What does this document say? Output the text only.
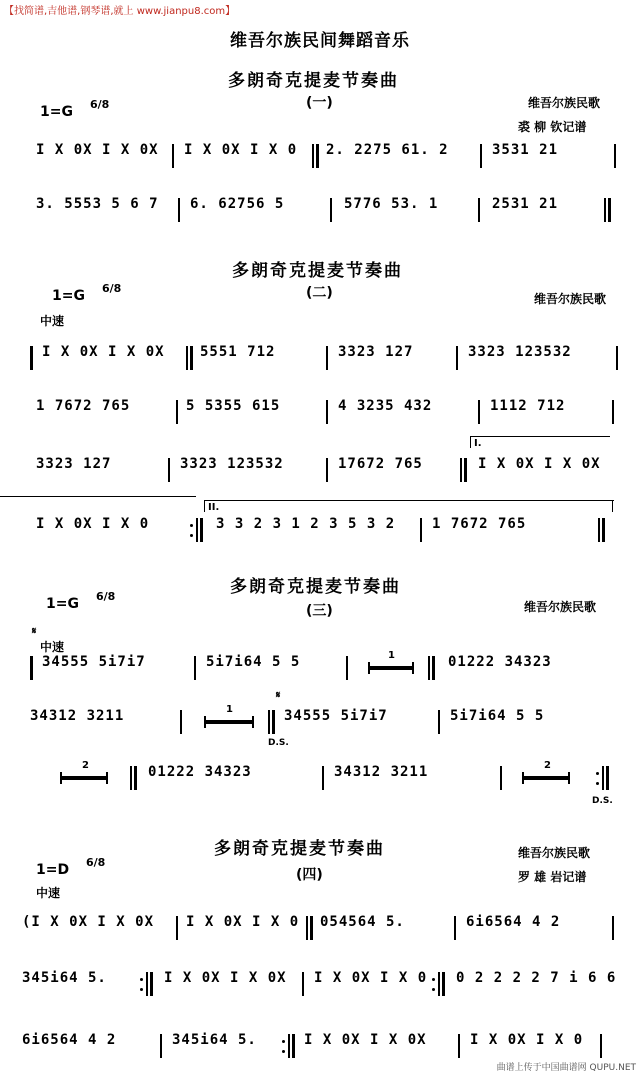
【找简谱,吉他谱,钢琴谱,就上 www.jianpu8.com】
维吾尔族民间舞蹈音乐
多朗奇克提麦节奏曲
(一)
1=G 6/8	维吾尔族民歌
裘 柳 钦记谱
I X 0X I X 0X I X 0X I X 0 2. 2275 61. 2	3531 21
3. 5553 5 6 7 6. 62756 5	5776 53. 1	2531 21
多朗奇克提麦节奏曲
(二)
1=G 6/8
维吾尔族民歌
中速
I X 0X I X 0X	5551 712	3323 127	3323 123532
1 7672 765	5 5355 615	4 3235 432	1112 712
3323 127	3323 123532	17672 765	I X 0X I X 0X
I.
I X 0X I X 0	3 3 2 3 1 2 3 5 3 2	1 7672 765
II.
多朗奇克提麦节奏曲
(三)
1=G 6/8
维吾尔族民歌
𝄋
中速
34555 5i7i7	5i7i64 5 5	1	01222 34323
34312 3211	1	34555 5i7i7	5i7i64 5 5
𝄋
D.S.
2	01222 34323	34312 3211	2
D.S.
多朗奇克提麦节奏曲
(四)
1=D 6/8
维吾尔族民歌
罗 雄 岩记谱
中速
(I X 0X I X 0X I X 0X I X 0 054564 5.	6i6564 4 2
345i64 5.	I X 0X I X 0X I X 0X I X 0 0 2 2 2 2 7 i 6 6
6i6564 4 2	345i64 5.	I X 0X I X 0X	I X 0X I X 0
曲谱上传于中国曲谱网 QUPU.NET
